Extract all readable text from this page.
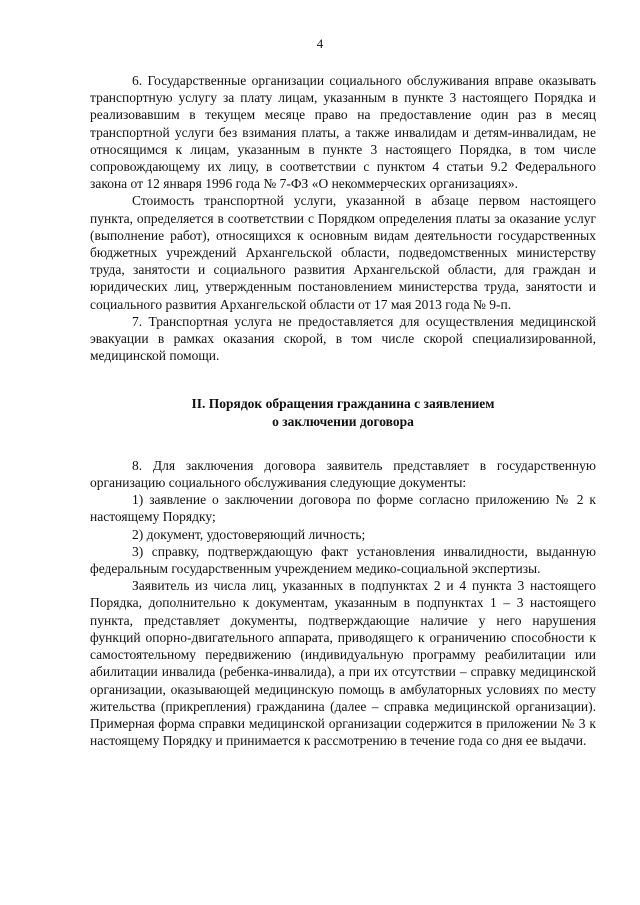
4

6. Государственные организации социального обслуживания вправе оказывать транспортную услугу за плату лицам, указанным в пункте 3 настоящего Порядка и реализовавшим в текущем месяце право на предоставление один раз в месяц транспортной услуги без взимания платы, а также инвалидам и детям-инвалидам, не относящимся к лицам, указанным в пункте 3 настоящего Порядка, в том числе сопровождающему их лицу, в соответствии с пунктом 4 статьи 9.2 Федерального закона от 12 января 1996 года № 7-ФЗ «О некоммерческих организациях».

Стоимость транспортной услуги, указанной в абзаце первом настоящего пункта, определяется в соответствии с Порядком определения платы за оказание услуг (выполнение работ), относящихся к основным видам деятельности государственных бюджетных учреждений Архангельской области, подведомственных министерству труда, занятости и социального развития Архангельской области, для граждан и юридических лиц, утвержденным постановлением министерства труда, занятости и социального развития Архангельской области от 17 мая 2013 года № 9-п.

7. Транспортная услуга не предоставляется для осуществления медицинской эвакуации в рамках оказания скорой, в том числе скорой специализированной, медицинской помощи.

II. Порядок обращения гражданина с заявлением
о заключении договора

8. Для заключения договора заявитель представляет в государственную организацию социального обслуживания следующие документы:

1) заявление о заключении договора по форме согласно приложению № 2 к настоящему Порядку;

2) документ, удостоверяющий личность;

3) справку, подтверждающую факт установления инвалидности, выданную федеральным государственным учреждением медико-социальной экспертизы.

Заявитель из числа лиц, указанных в подпунктах 2 и 4 пункта 3 настоящего Порядка, дополнительно к документам, указанным в подпунктах 1 – 3 настоящего пункта, представляет документы, подтверждающие наличие у него нарушения функций опорно-двигательного аппарата, приводящего к ограничению способности к самостоятельному передвижению (индивидуальную программу реабилитации или абилитации инвалида (ребенка-инвалида), а при их отсутствии – справку медицинской организации, оказывающей медицинскую помощь в амбулаторных условиях по месту жительства (прикрепления) гражданина (далее – справка медицинской организации). Примерная форма справки медицинской организации содержится в приложении № 3 к настоящему Порядку и принимается к рассмотрению в течение года со дня ее выдачи.
